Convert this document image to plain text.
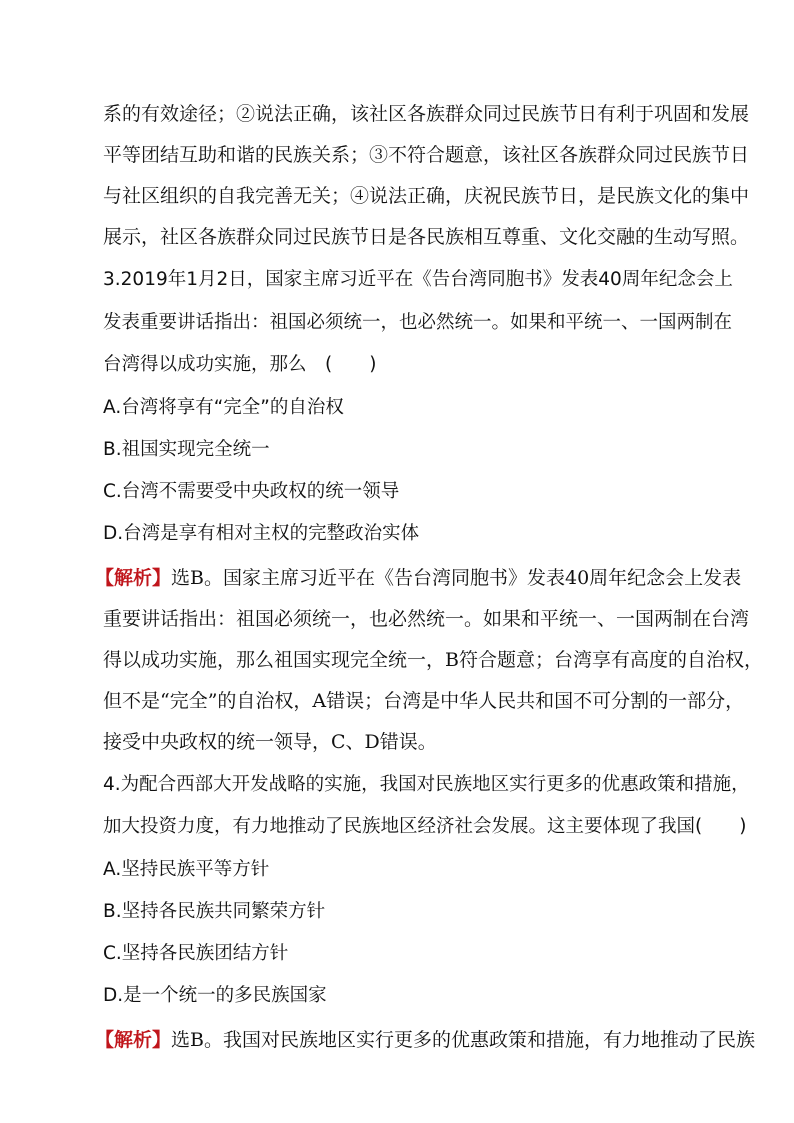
系的有效途径；②说法正确，该社区各族群众同过民族节日有利于巩固和发展
平等团结互助和谐的民族关系；③不符合题意，该社区各族群众同过民族节日
与社区组织的自我完善无关；④说法正确，庆祝民族节日，是民族文化的集中
展示，社区各族群众同过民族节日是各民族相互尊重、文化交融的生动写照。
3.2019年1月2日，国家主席习近平在《告台湾同胞书》发表40周年纪念会上
发表重要讲话指出：祖国必须统一，也必然统一。如果和平统一、一国两制在
台湾得以成功实施，那么　(　　)
A.台湾将享有“完全”的自治权
B.祖国实现完全统一
C.台湾不需要受中央政权的统一领导
D.台湾是享有相对主权的完整政治实体
【解析】 选B。国家主席习近平在《告台湾同胞书》发表40周年纪念会上发表
重要讲话指出：祖国必须统一，也必然统一。如果和平统一、一国两制在台湾
得以成功实施，那么祖国实现完全统一，B符合题意；台湾享有高度的自治权，
但不是“完全”的自治权，A错误；台湾是中华人民共和国不可分割的一部分，
接受中央政权的统一领导，C、D错误。
4.为配合西部大开发战略的实施，我国对民族地区实行更多的优惠政策和措施，
加大投资力度，有力地推动了民族地区经济社会发展。这主要体现了我国(　　)
A.坚持民族平等方针
B.坚持各民族共同繁荣方针
C.坚持各民族团结方针
D.是一个统一的多民族国家
【解析】 选B。我国对民族地区实行更多的优惠政策和措施，有力地推动了民族
